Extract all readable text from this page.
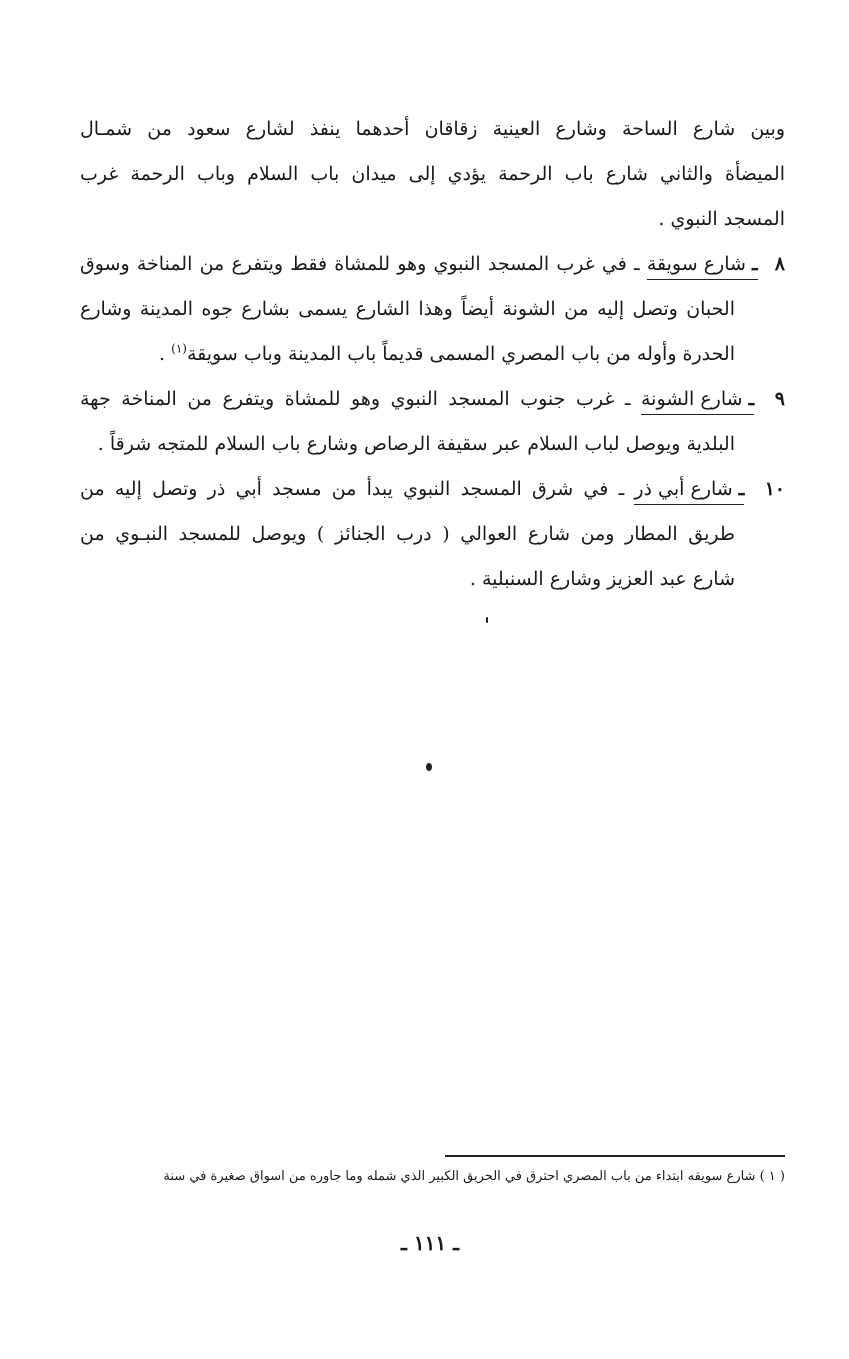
وبين شارع الساحة وشارع العينية زقاقان أحدهما ينفذ لشارع سعود من شمـال
الميضأة والثاني شارع باب الرحمة يؤدي إلى ميدان باب السلام وباب الرحمة غرب
المسجد النبوي .
٨ ـ شارع سويقة ـ في غرب المسجد النبوي وهو للمشاة فقط ويتفرع من المناخة وسوق
الحبان وتصل إليه من الشونة أيضاً وهذا الشارع يسمى بشارع جوه المدينة وشارع
الحدرة وأوله من باب المصري المسمى قديماً باب المدينة وباب سويقة$^{(١)}$ .
٩ ـ شارع الشونة ـ غرب جنوب المسجد النبوي وهو للمشاة ويتفرع من المناخة جهة
البلدية ويوصل لباب السلام عبر سقيفة الرصاص وشارع باب السلام للمتجه شرقاً .
١٠ ـ شارع أبي ذر ـ في شرق المسجد النبوي يبدأ من مسجد أبي ذر وتصل إليه من
طريق المطار ومن شارع العوالي ( درب الجنائز ) ويوصل للمسجد النبـوي من
شارع عبد العزيز وشارع السنبلية .
( ١ ) شارع سويقه ابتداء من باب المصري احترق في الحريق الكبير الذي شمله وما جاوره من اسواق صغيرة في سنة
ـ ١١١ ـ
